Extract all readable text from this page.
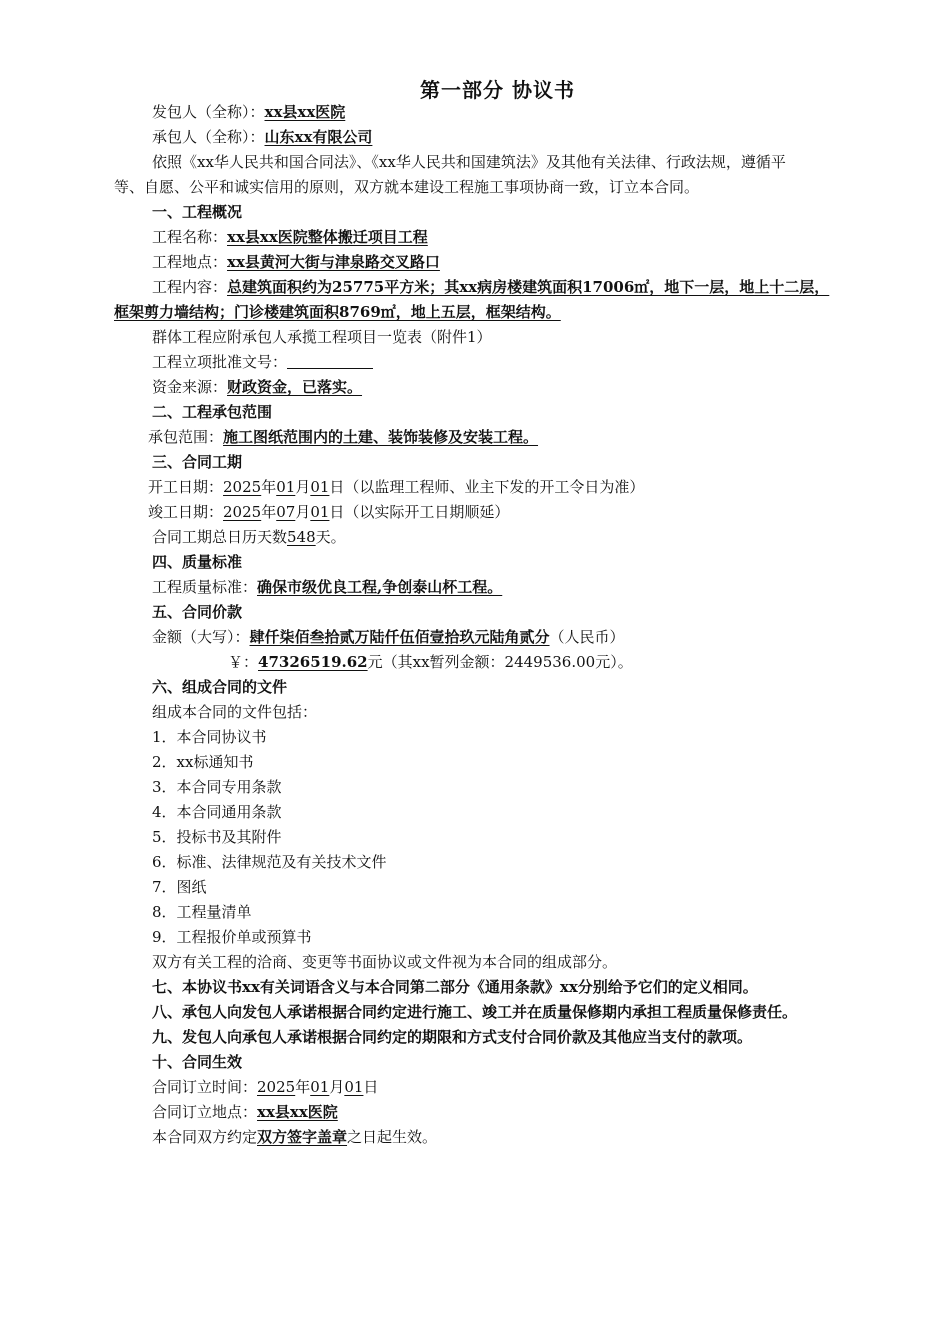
第一部分 协议书
发包人（全称）：xx县xx医院
承包人（全称）：山东xx有限公司
依照《xx华人民共和国合同法》、《xx华人民共和国建筑法》及其他有关法律、行政法规，遵循平
等、自愿、公平和诚实信用的原则，双方就本建设工程施工事项协商一致，订立本合同。
一、工程概况
工程名称：xx县xx医院整体搬迁项目工程
工程地点：xx县黄河大街与津泉路交叉路口
工程内容：总建筑面积约为25775平方米；其xx病房楼建筑面积17006㎡，地下一层，地上十二层，
框架剪力墙结构；门诊楼建筑面积8769㎡，地上五层，框架结构。
群体工程应附承包人承揽工程项目一览表（附件1）
工程立项批准文号：
资金来源：财政资金，已落实。
二、工程承包范围
承包范围：施工图纸范围内的土建、装饰装修及安装工程。
三、合同工期
开工日期：2025年01月01日（以监理工程师、业主下发的开工令日为准）
竣工日期：2025年07月01日（以实际开工日期顺延）
合同工期总日历天数548天。
四、质量标准
工程质量标准：确保市级优良工程,争创泰山杯工程。
五、合同价款
金额（大写）：肆仟柒佰叁拾贰万陆仟伍佰壹拾玖元陆角贰分（人民币）
￥：47326519.62元（其xx暂列金额：2449536.00元）。
六、组成合同的文件
组成本合同的文件包括：
1．本合同协议书
2．xx标通知书
3．本合同专用条款
4．本合同通用条款
5．投标书及其附件
6．标准、法律规范及有关技术文件
7．图纸
8．工程量清单
9．工程报价单或预算书
双方有关工程的洽商、变更等书面协议或文件视为本合同的组成部分。
七、本协议书xx有关词语含义与本合同第二部分《通用条款》xx分别给予它们的定义相同。
八、承包人向发包人承诺根据合同约定进行施工、竣工并在质量保修期内承担工程质量保修责任。
九、发包人向承包人承诺根据合同约定的期限和方式支付合同价款及其他应当支付的款项。
十、合同生效
合同订立时间：2025年01月01日
合同订立地点：xx县xx医院
本合同双方约定双方签字盖章之日起生效。
